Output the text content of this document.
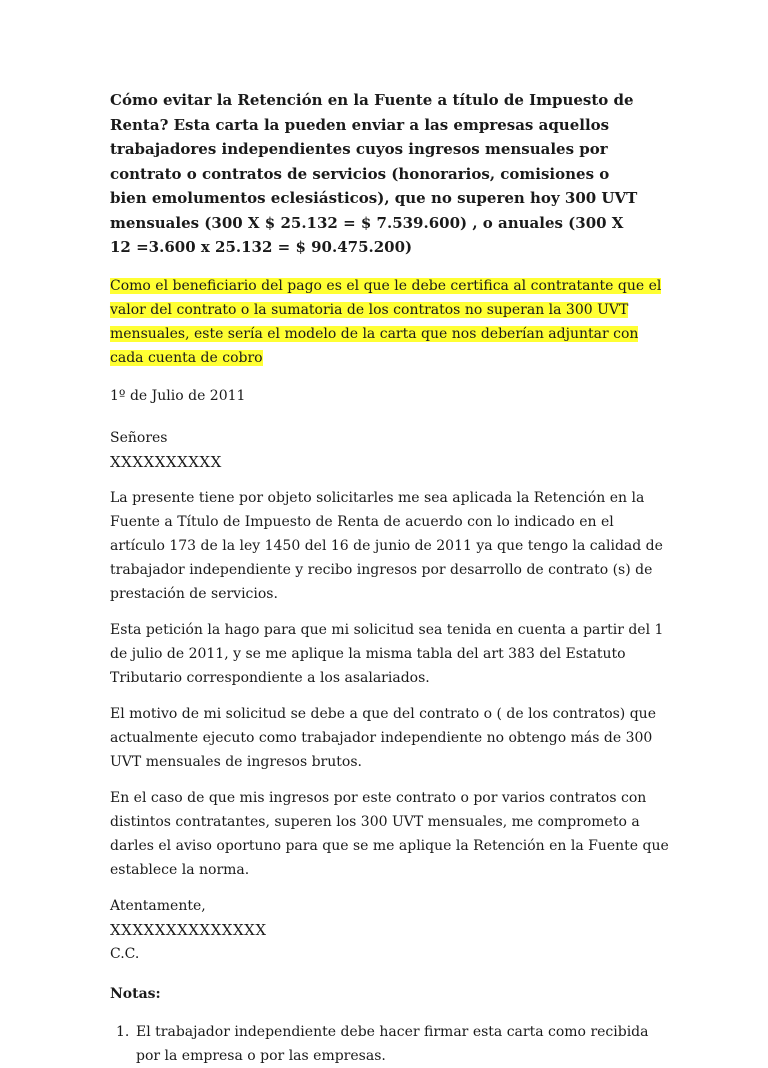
Cómo evitar la Retención en la Fuente a título de Impuesto de Renta? Esta carta la pueden enviar a las empresas aquellos trabajadores independientes cuyos ingresos mensuales por contrato o contratos de servicios (honorarios, comisiones o bien emolumentos eclesiásticos), que no superen hoy 300 UVT mensuales (300 X $ 25.132 = $ 7.539.600) , o anuales (300 X 12 =3.600 x 25.132 = $ 90.475.200)

Como el beneficiario del pago es el que le debe certifica al contratante que el valor del contrato o la sumatoria de los contratos no superan la 300 UVT mensuales, este sería el modelo de la carta que nos deberían adjuntar con cada cuenta de cobro

1º de Julio de 2011

Señores

XXXXXXXXXX

La presente tiene por objeto solicitarles me sea aplicada la Retención en la Fuente a Título de Impuesto de Renta de acuerdo con lo indicado en el artículo 173 de la ley 1450 del 16 de junio de 2011 ya que tengo la calidad de trabajador independiente y recibo ingresos por desarrollo de contrato (s) de prestación de servicios.

Esta petición la hago para que mi solicitud sea tenida en cuenta a partir del 1 de julio de 2011, y se me aplique la misma tabla del art 383 del Estatuto Tributario correspondiente a los asalariados.

El motivo de mi solicitud se debe a que del contrato o ( de los contratos) que actualmente ejecuto como trabajador independiente no obtengo más de 300 UVT mensuales de ingresos brutos.

En el caso de que mis ingresos por este contrato o por varios contratos con distintos contratantes, superen los 300 UVT mensuales, me comprometo a darles el aviso oportuno para que se me aplique la Retención en la Fuente que establece la norma.

Atentamente,

XXXXXXXXXXXXXX

C.C.

Notas:

1. El trabajador independiente debe hacer firmar esta carta como recibida por la empresa o por las empresas.
